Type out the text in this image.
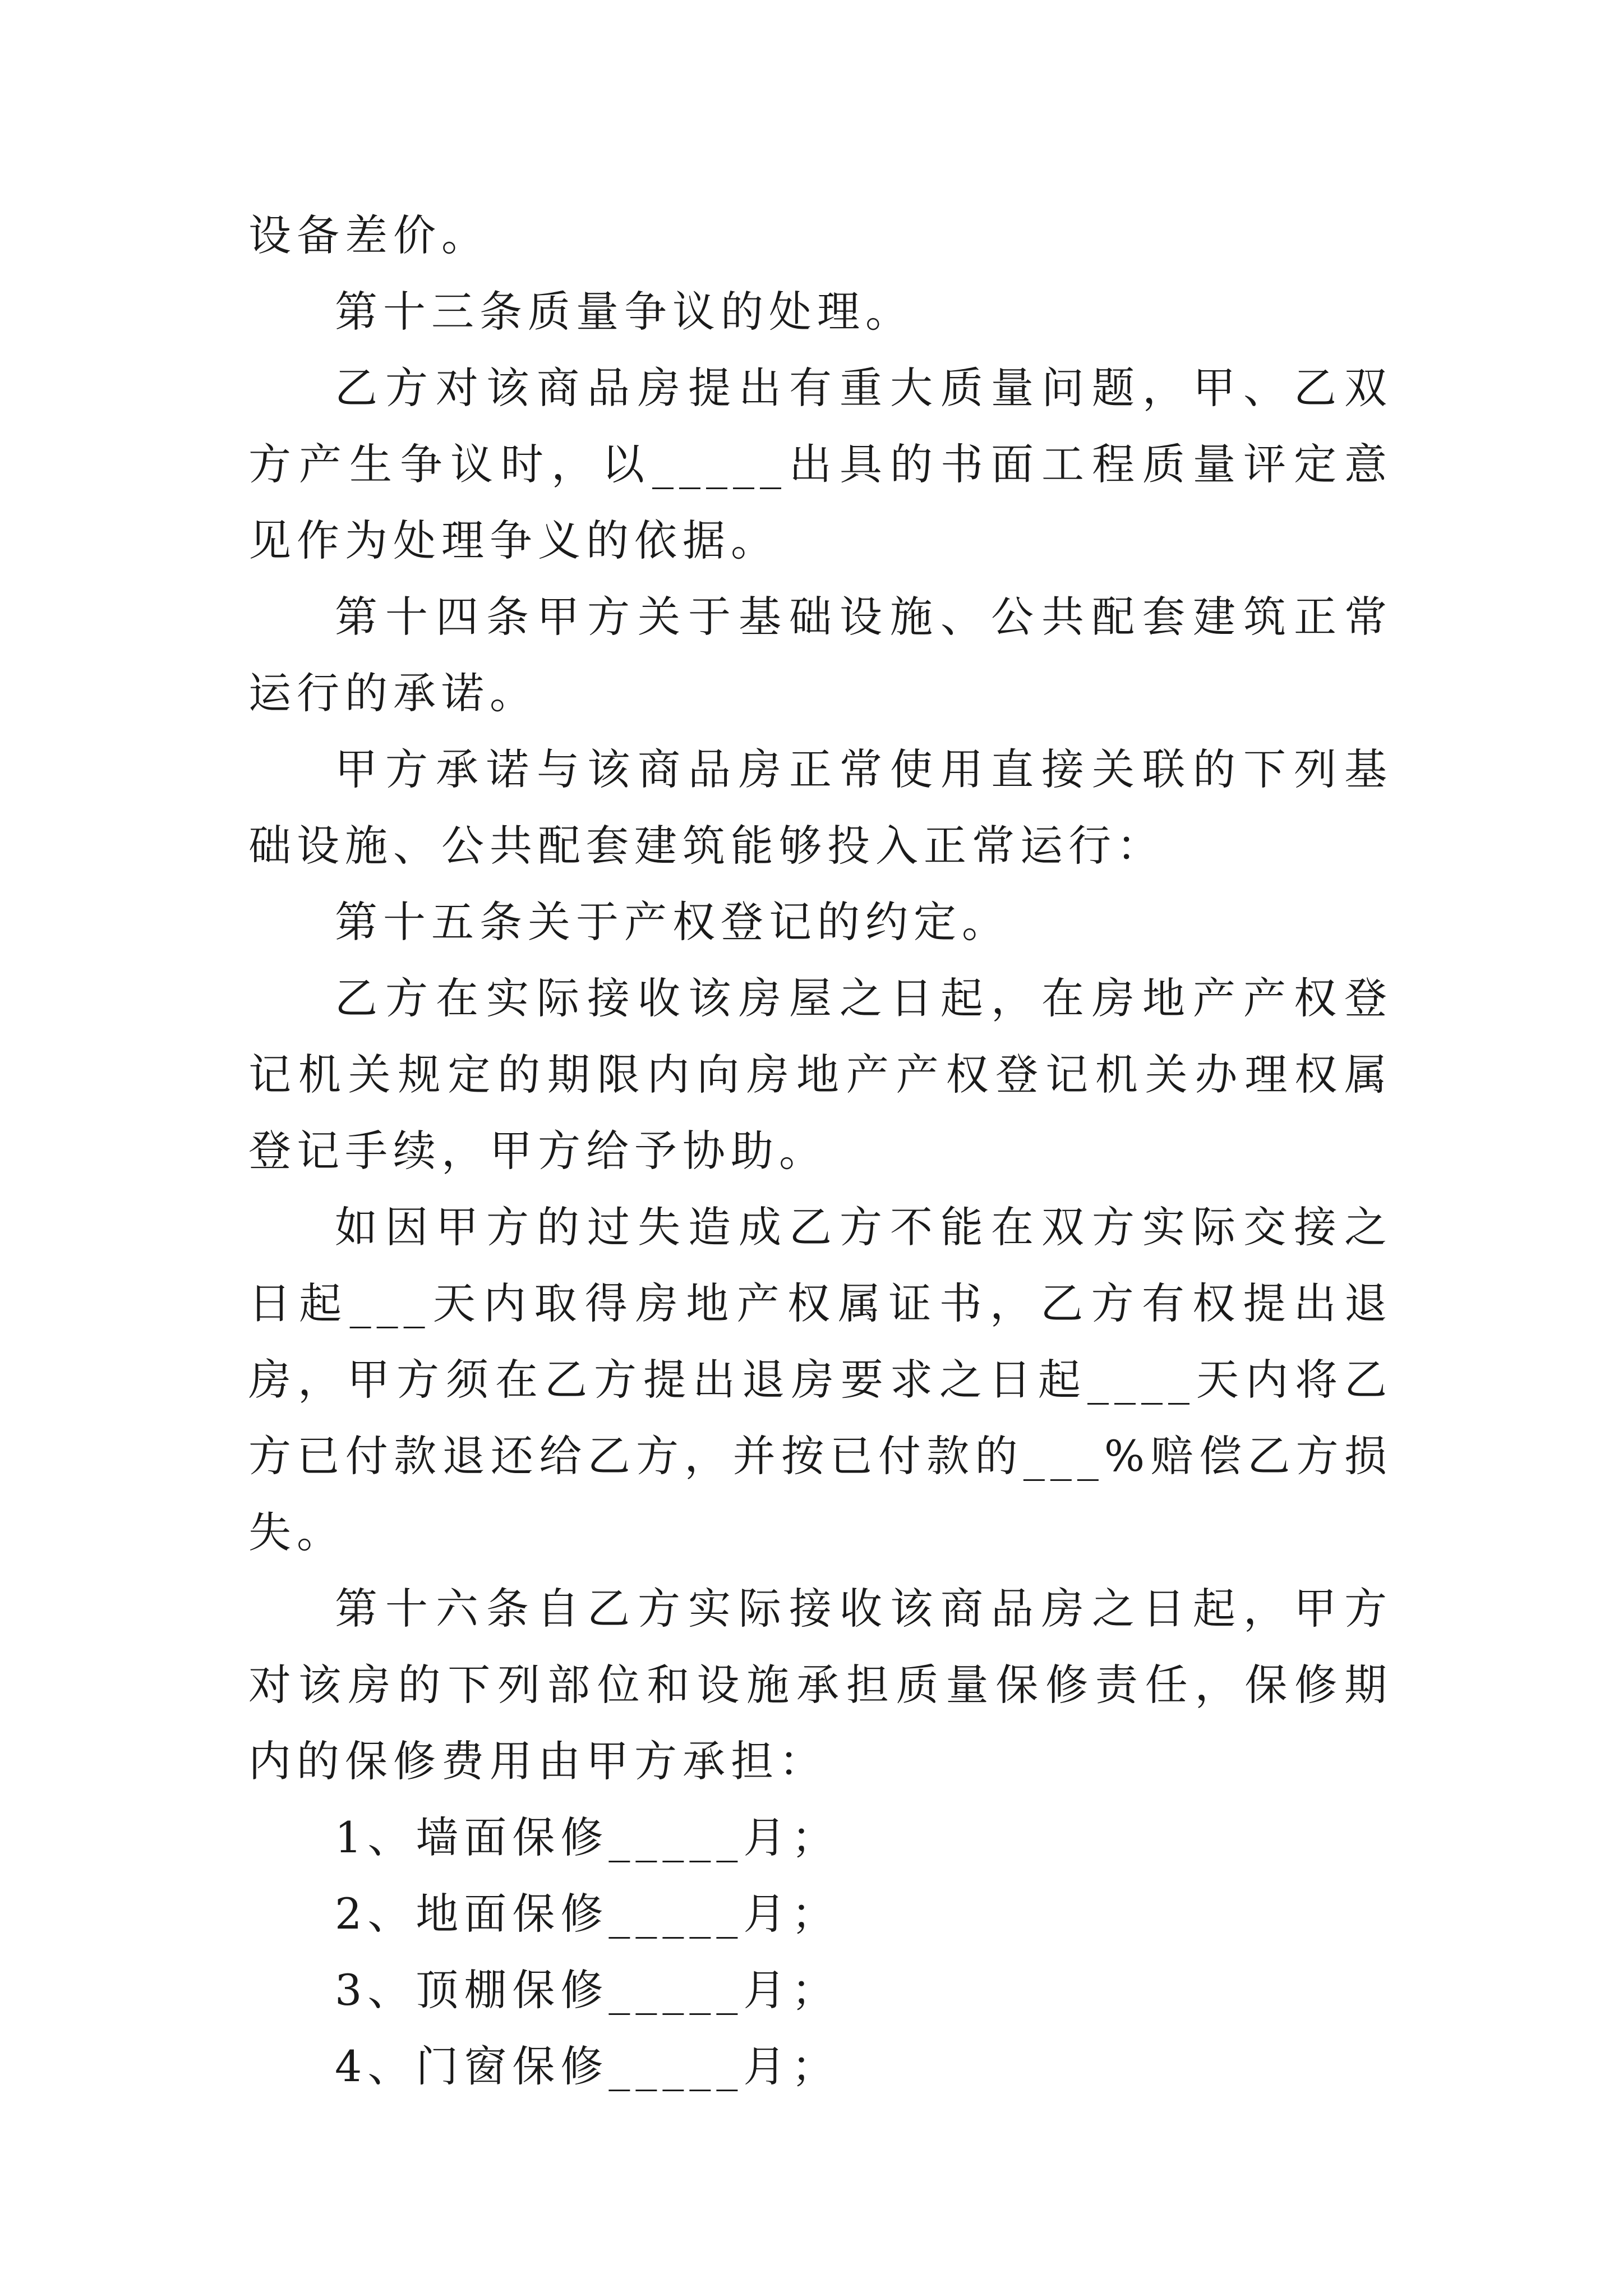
设备差价。

第十三条质量争议的处理。

乙方对该商品房提出有重大质量问题，甲、乙双方产生争议时，以_____出具的书面工程质量评定意见作为处理争义的依据。

第十四条甲方关于基础设施、公共配套建筑正常运行的承诺。

甲方承诺与该商品房正常使用直接关联的下列基础设施、公共配套建筑能够投入正常运行：

第十五条关于产权登记的约定。

乙方在实际接收该房屋之日起，在房地产产权登记机关规定的期限内向房地产产权登记机关办理权属登记手续，甲方给予协助。

如因甲方的过失造成乙方不能在双方实际交接之日起___天内取得房地产权属证书，乙方有权提出退房，甲方须在乙方提出退房要求之日起____天内将乙方已付款退还给乙方，并按已付款的___%赔偿乙方损失。

第十六条自乙方实际接收该商品房之日起，甲方对该房的下列部位和设施承担质量保修责任，保修期内的保修费用由甲方承担：

1、墙面保修_____月；

2、地面保修_____月；

3、顶棚保修_____月；

4、门窗保修_____月；
